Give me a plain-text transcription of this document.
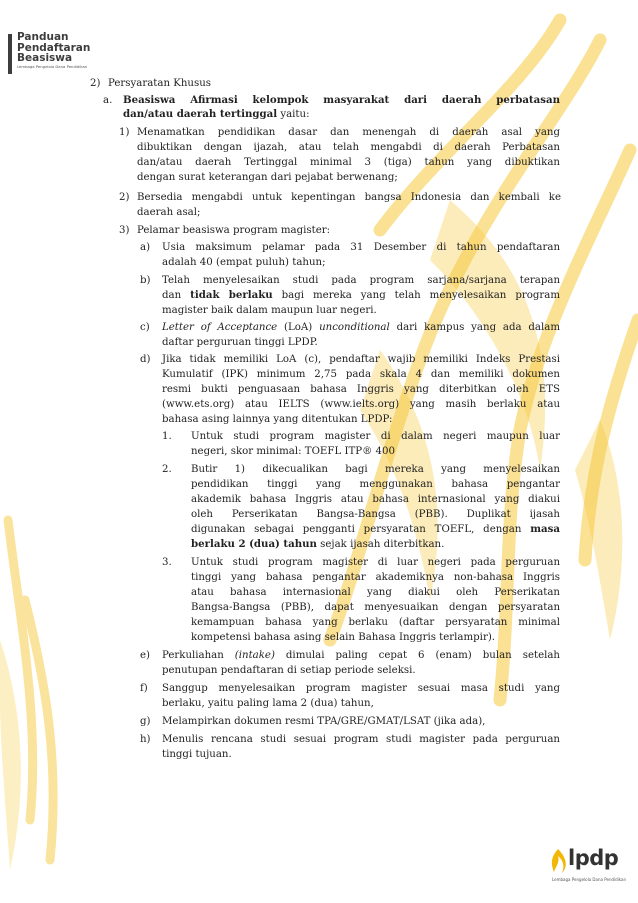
Panduan
Pendaftaran
Beasiswa
Lembaga Pengelola Dana Pendidikan
2) Persyaratan Khusus
a. Beasiswa Afirmasi kelompok masyarakat dari daerah perbatasan
dan/atau daerah tertinggal yaitu:
1) Menamatkan pendidikan dasar dan menengah di daerah asal yang
dibuktikan dengan ijazah, atau telah mengabdi di daerah Perbatasan
dan/atau daerah Tertinggal minimal 3 (tiga) tahun yang dibuktikan
dengan surat keterangan dari pejabat berwenang;
2) Bersedia mengabdi untuk kepentingan bangsa Indonesia dan kembali ke
daerah asal;
3) Pelamar beasiswa program magister:
a) Usia maksimum pelamar pada 31 Desember di tahun pendaftaran
adalah 40 (empat puluh) tahun;
b) Telah menyelesaikan studi pada program sarjana/sarjana terapan
dan tidak berlaku bagi mereka yang telah menyelesaikan program
magister baik dalam maupun luar negeri.
c) Letter of Acceptance (LoA) unconditional dari kampus yang ada dalam
daftar perguruan tinggi LPDP.
d) Jika tidak memiliki LoA (c), pendaftar wajib memiliki Indeks Prestasi
Kumulatif (IPK) minimum 2,75 pada skala 4 dan memiliki dokumen
resmi bukti penguasaan bahasa Inggris yang diterbitkan oleh ETS
(www.ets.org) atau IELTS (www.ielts.org) yang masih berlaku atau
bahasa asing lainnya yang ditentukan LPDP:
1. Untuk studi program magister di dalam negeri maupun luar
negeri, skor minimal: TOEFL ITP® 400
2. Butir 1) dikecualikan bagi mereka yang menyelesaikan
pendidikan tinggi yang menggunakan bahasa pengantar
akademik bahasa Inggris atau bahasa internasional yang diakui
oleh Perserikatan Bangsa-Bangsa (PBB). Duplikat ijasah
digunakan sebagai pengganti persyaratan TOEFL, dengan masa
berlaku 2 (dua) tahun sejak ijasah diterbitkan.
3. Untuk studi program magister di luar negeri pada perguruan
tinggi yang bahasa pengantar akademiknya non-bahasa Inggris
atau bahasa internasional yang diakui oleh Perserikatan
Bangsa-Bangsa (PBB), dapat menyesuaikan dengan persyaratan
kemampuan bahasa yang berlaku (daftar persyaratan minimal
kompetensi bahasa asing selain Bahasa Inggris terlampir).
e) Perkuliahan (intake) dimulai paling cepat 6 (enam) bulan setelah
penutupan pendaftaran di setiap periode seleksi.
f) Sanggup menyelesaikan program magister sesuai masa studi yang
berlaku, yaitu paling lama 2 (dua) tahun,
g) Melampirkan dokumen resmi TPA/GRE/GMAT/LSAT (jika ada),
h) Menulis rencana studi sesuai program studi magister pada perguruan
tinggi tujuan.
lpdp
Lembaga Pengelola Dana Pendidikan
